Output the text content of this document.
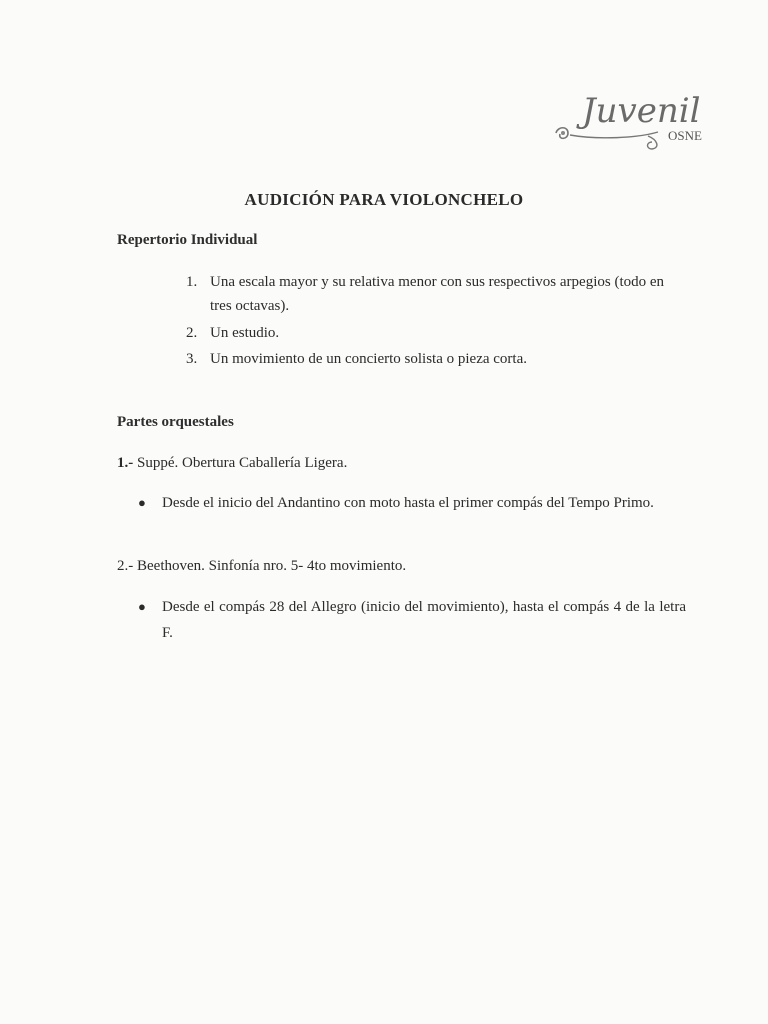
Juvenil
OSNE
AUDICIÓN PARA VIOLONCHELO
Repertorio Individual
1. Una escala mayor y su relativa menor con sus respectivos arpegios (todo en tres octavas).
2. Un estudio.
3. Un movimiento de un concierto solista o pieza corta.
Partes orquestales
1.- Suppé. Obertura Caballería Ligera.
●	Desde el inicio del Andantino con moto hasta el primer compás del Tempo Primo.
2.- Beethoven. Sinfonía nro. 5- 4to movimiento.
●	Desde el compás 28 del Allegro (inicio del movimiento), hasta el compás 4 de la letra F.
